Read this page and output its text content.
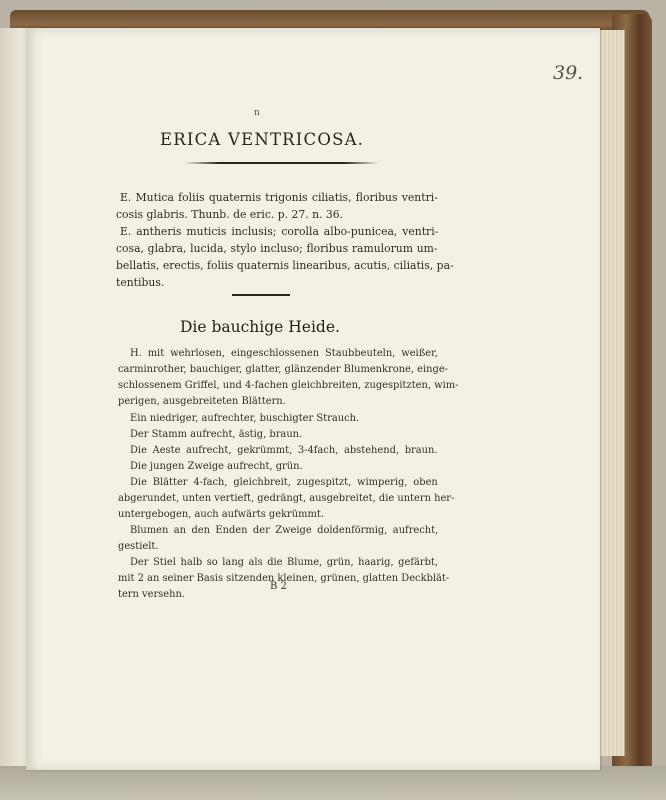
39.
n
ERICA VENTRICOSA.
E. Mutica foliis quaternis trigonis ciliatis, floribus ventri-
cosis glabris. Thunb. de eric. p. 27. n. 36.
E. antheris muticis inclusis; corolla albo-punicea, ventri-
cosa, glabra, lucida, stylo incluso; floribus ramulorum um-
bellatis, erectis, foliis quaternis linearibus, acutis, ciliatis, pa-
tentibus.
Die bauchige Heide.
H. mit wehrlosen, eingeschlossenen Staubbeuteln, weißer,
carminrother, bauchiger, glatter, glänzender Blumenkrone, einge-
schlossenem Griffel, und 4-fachen gleichbreiten, zugespitzten, wim-
perigen, ausgebreiteten Blättern.
Ein niedriger, aufrechter, buschigter Strauch.
Der Stamm aufrecht, ästig, braun.
Die Aeste aufrecht, gekrümmt, 3-4fach, abstehend, braun.
Die jungen Zweige aufrecht, grün.
Die Blätter 4-fach, gleichbreit, zugespitzt, wimperig, oben
abgerundet, unten vertieft, gedrängt, ausgebreitet, die untern her-
untergebogen, auch aufwärts gekrümmt.
Blumen an den Enden der Zweige doldenförmig, aufrecht,
gestielt.
Der Stiel halb so lang als die Blume, grün, haarig, gefärbt,
mit 2 an seiner Basis sitzenden kleinen, grünen, glatten Deckblät-
tern versehn.
B 2
